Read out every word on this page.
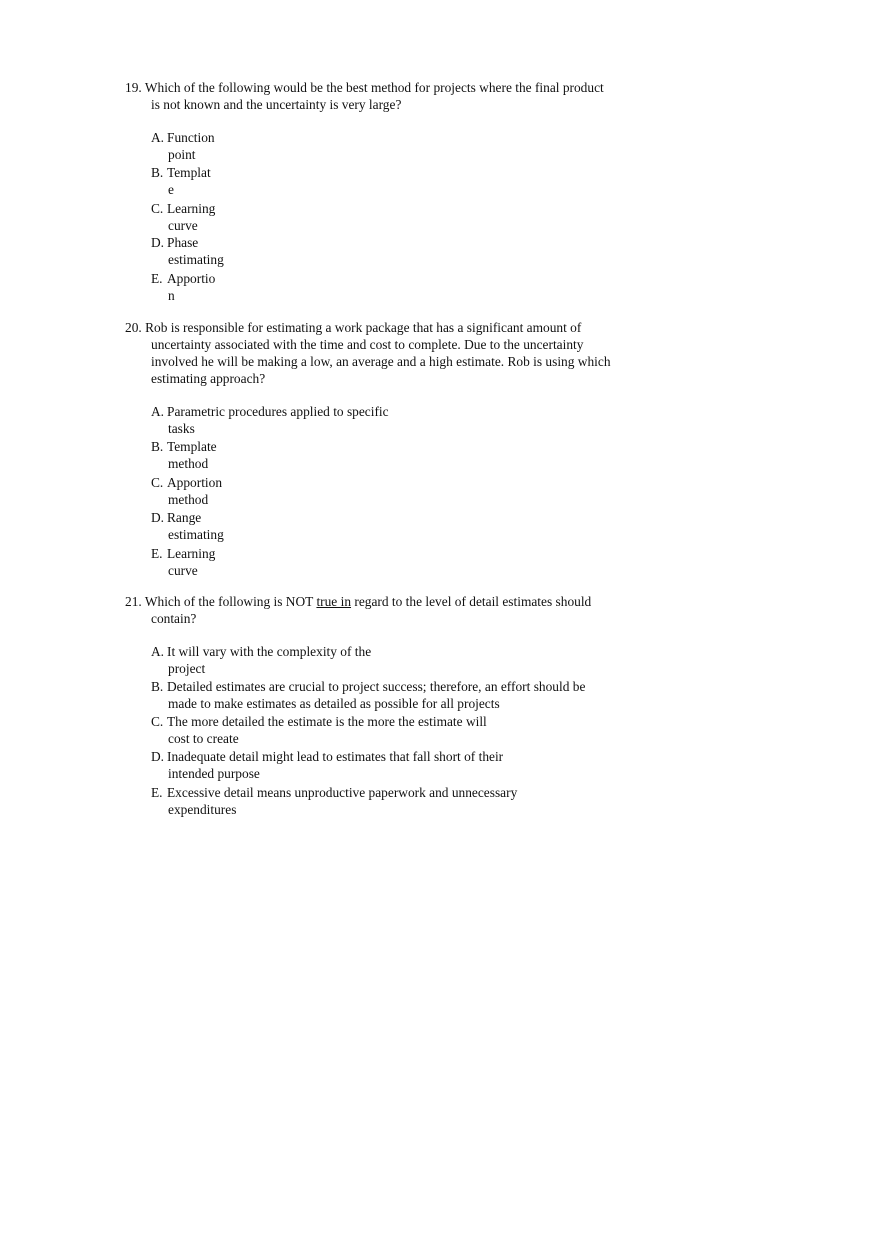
19. Which of the following would be the best method for projects where the final product
is not known and the uncertainty is very large?

A. Function
point
B. Templat
e
C. Learning
curve
D. Phase
estimating
E. Apportio
n

20. Rob is responsible for estimating a work package that has a significant amount of
uncertainty associated with the time and cost to complete. Due to the uncertainty
involved he will be making a low, an average and a high estimate. Rob is using which
estimating approach?

A. Parametric procedures applied to specific
tasks
B. Template
method
C. Apportion
method
D. Range
estimating
E. Learning
curve

21. Which of the following is NOT true in regard to the level of detail estimates should
contain?

A. It will vary with the complexity of the
project
B. Detailed estimates are crucial to project success; therefore, an effort should be
made to make estimates as detailed as possible for all projects
C. The more detailed the estimate is the more the estimate will
cost to create
D. Inadequate detail might lead to estimates that fall short of their
intended purpose
E. Excessive detail means unproductive paperwork and unnecessary
expenditures
